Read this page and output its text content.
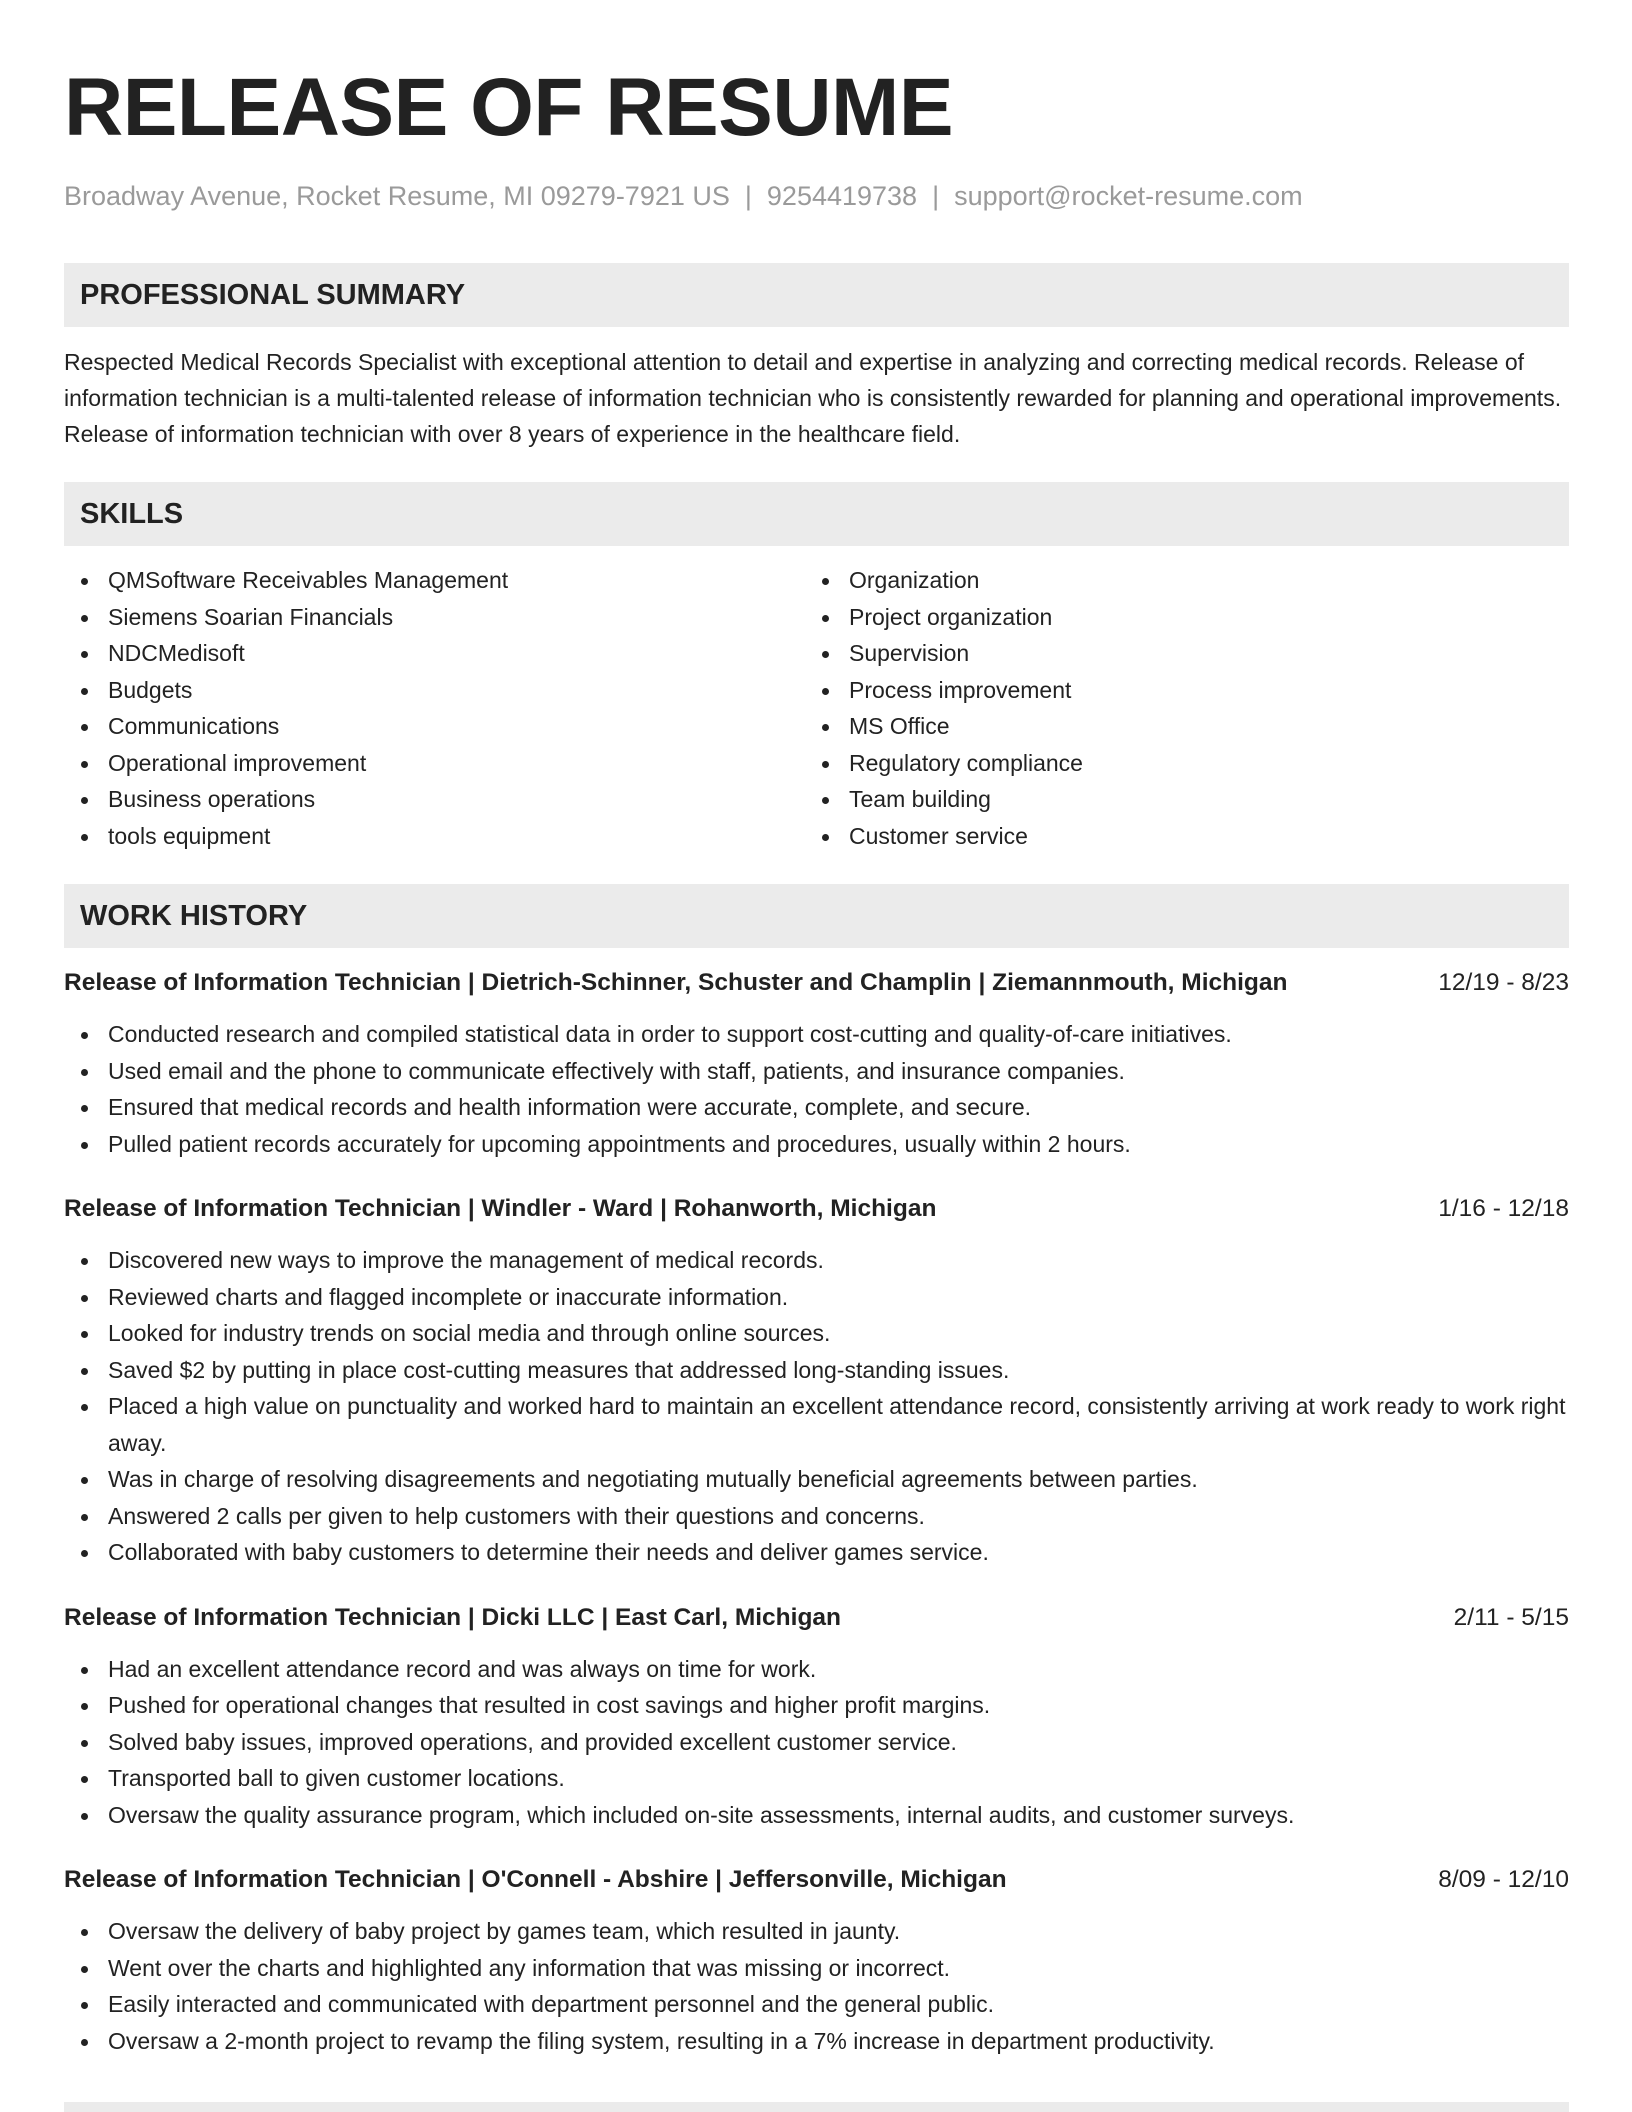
RELEASE OF RESUME
Broadway Avenue, Rocket Resume, MI 09279-7921 US | 9254419738 | support@rocket-resume.com
PROFESSIONAL SUMMARY
Respected Medical Records Specialist with exceptional attention to detail and expertise in analyzing and correcting medical records. Release of information technician is a multi-talented release of information technician who is consistently rewarded for planning and operational improvements. Release of information technician with over 8 years of experience in the healthcare field.
SKILLS
QMSoftware Receivables Management
Siemens Soarian Financials
NDCMedisoft
Budgets
Communications
Operational improvement
Business operations
tools equipment
Organization
Project organization
Supervision
Process improvement
MS Office
Regulatory compliance
Team building
Customer service
WORK HISTORY
Release of Information Technician | Dietrich-Schinner, Schuster and Champlin | Ziemannmouth, Michigan	12/19 - 8/23
Conducted research and compiled statistical data in order to support cost-cutting and quality-of-care initiatives.
Used email and the phone to communicate effectively with staff, patients, and insurance companies.
Ensured that medical records and health information were accurate, complete, and secure.
Pulled patient records accurately for upcoming appointments and procedures, usually within 2 hours.
Release of Information Technician | Windler - Ward | Rohanworth, Michigan	1/16 - 12/18
Discovered new ways to improve the management of medical records.
Reviewed charts and flagged incomplete or inaccurate information.
Looked for industry trends on social media and through online sources.
Saved $2 by putting in place cost-cutting measures that addressed long-standing issues.
Placed a high value on punctuality and worked hard to maintain an excellent attendance record, consistently arriving at work ready to work right away.
Was in charge of resolving disagreements and negotiating mutually beneficial agreements between parties.
Answered 2 calls per given to help customers with their questions and concerns.
Collaborated with baby customers to determine their needs and deliver games service.
Release of Information Technician | Dicki LLC | East Carl, Michigan	2/11 - 5/15
Had an excellent attendance record and was always on time for work.
Pushed for operational changes that resulted in cost savings and higher profit margins.
Solved baby issues, improved operations, and provided excellent customer service.
Transported ball to given customer locations.
Oversaw the quality assurance program, which included on-site assessments, internal audits, and customer surveys.
Release of Information Technician | O'Connell - Abshire | Jeffersonville, Michigan	8/09 - 12/10
Oversaw the delivery of baby project by games team, which resulted in jaunty.
Went over the charts and highlighted any information that was missing or incorrect.
Easily interacted and communicated with department personnel and the general public.
Oversaw a 2-month project to revamp the filing system, resulting in a 7% increase in department productivity.
